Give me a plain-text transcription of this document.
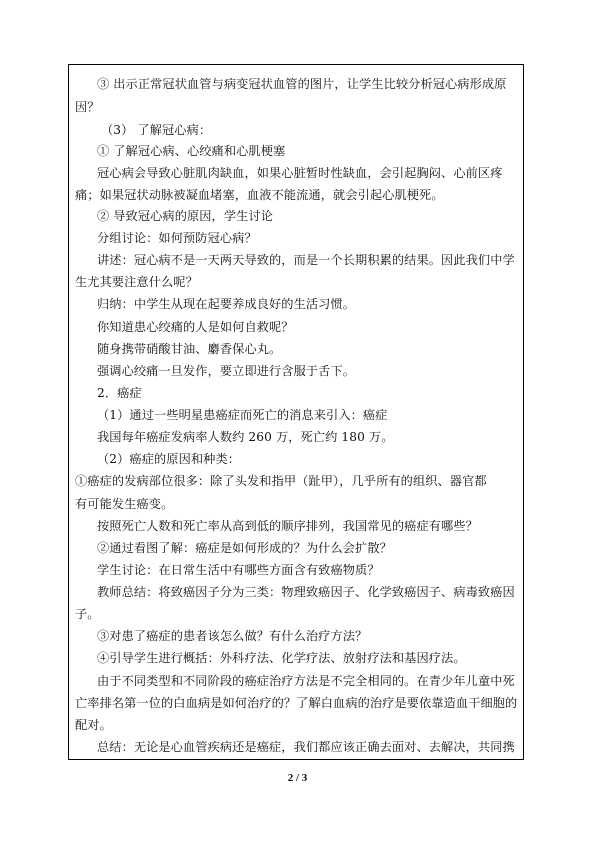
③ 出示正常冠状血管与病变冠状血管的图片，让学生比较分析冠心病形成原
因？
（3） 了解冠心病：
① 了解冠心病、心绞痛和心肌梗塞
冠心病会导致心脏肌肉缺血，如果心脏暂时性缺血，会引起胸闷、心前区疼
痛；如果冠状动脉被凝血堵塞，血液不能流通，就会引起心肌梗死。
② 导致冠心病的原因，学生讨论
分组讨论：如何预防冠心病？
讲述：冠心病不是一天两天导致的，而是一个长期积累的结果。因此我们中学
生尤其要注意什么呢？
归纳：中学生从现在起要养成良好的生活习惯。
你知道患心绞痛的人是如何自救呢？
随身携带硝酸甘油、麝香保心丸。
强调心绞痛一旦发作，要立即进行含服于舌下。
2．癌症
（1）通过一些明星患癌症而死亡的消息来引入：癌症
我国每年癌症发病率人数约 260 万，死亡约 180 万。
（2）癌症的原因和种类：
①癌症的发病部位很多：除了头发和指甲（趾甲），几乎所有的组织、器官都
有可能发生癌变。
按照死亡人数和死亡率从高到低的顺序排列，我国常见的癌症有哪些？
②通过看图了解：癌症是如何形成的？为什么会扩散？
学生讨论：在日常生活中有哪些方面含有致癌物质？
教师总结：将致癌因子分为三类：物理致癌因子、化学致癌因子、病毒致癌因
子。
③对患了癌症的患者该怎么做？有什么治疗方法？
④引导学生进行概括：外科疗法、化学疗法、放射疗法和基因疗法。
由于不同类型和不同阶段的癌症治疗方法是不完全相同的。在青少年儿童中死
亡率排名第一位的白血病是如何治疗的？了解白血病的治疗是要依靠造血干细胞的
配对。
总结：无论是心血管疾病还是癌症，我们都应该正确去面对、去解决，共同携
2 / 3
